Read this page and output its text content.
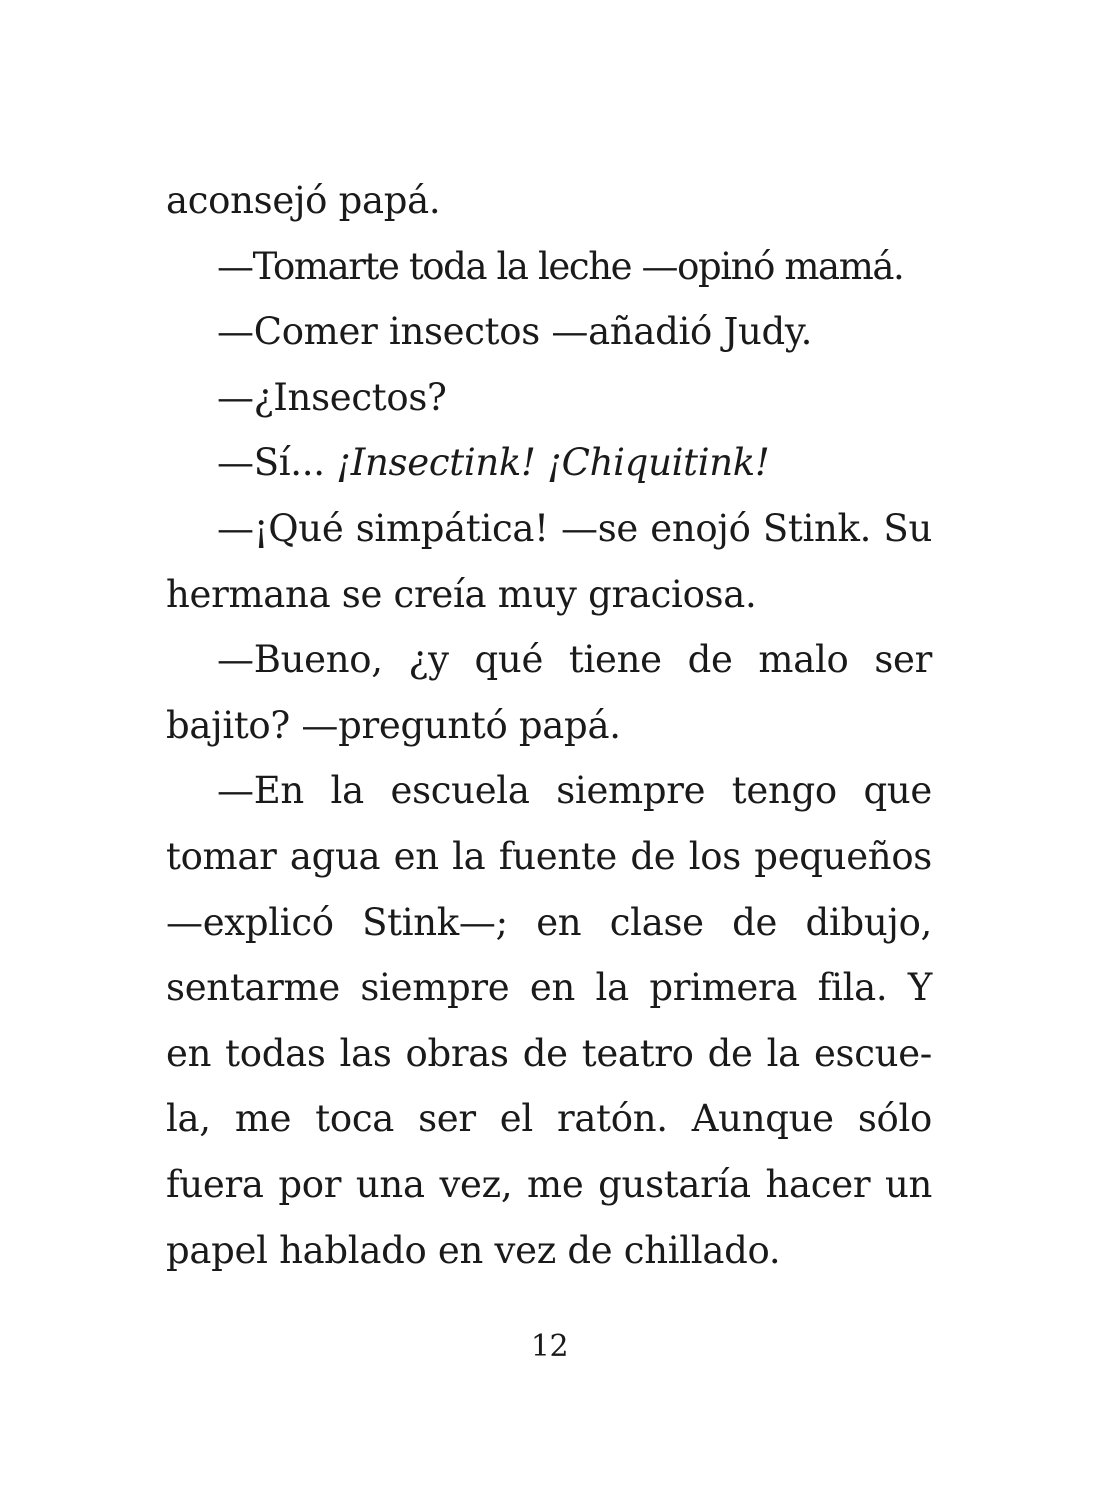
aconsejó papá.

—Tomarte toda la leche —opinó mamá.

—Comer insectos —añadió Judy.

—¿Insectos?

—Sí... ¡Insectink! ¡Chiquitink!

—¡Qué simpática! —se enojó Stink. Su
hermana se creía muy graciosa.

—Bueno, ¿y qué tiene de malo ser
bajito? —preguntó papá.

—En la escuela siempre tengo que
tomar agua en la fuente de los pequeños
—explicó Stink—; en clase de dibujo,
sentarme siempre en la primera fila. Y
en todas las obras de teatro de la escue-
la, me toca ser el ratón. Aunque sólo
fuera por una vez, me gustaría hacer un
papel hablado en vez de chillado.

12
